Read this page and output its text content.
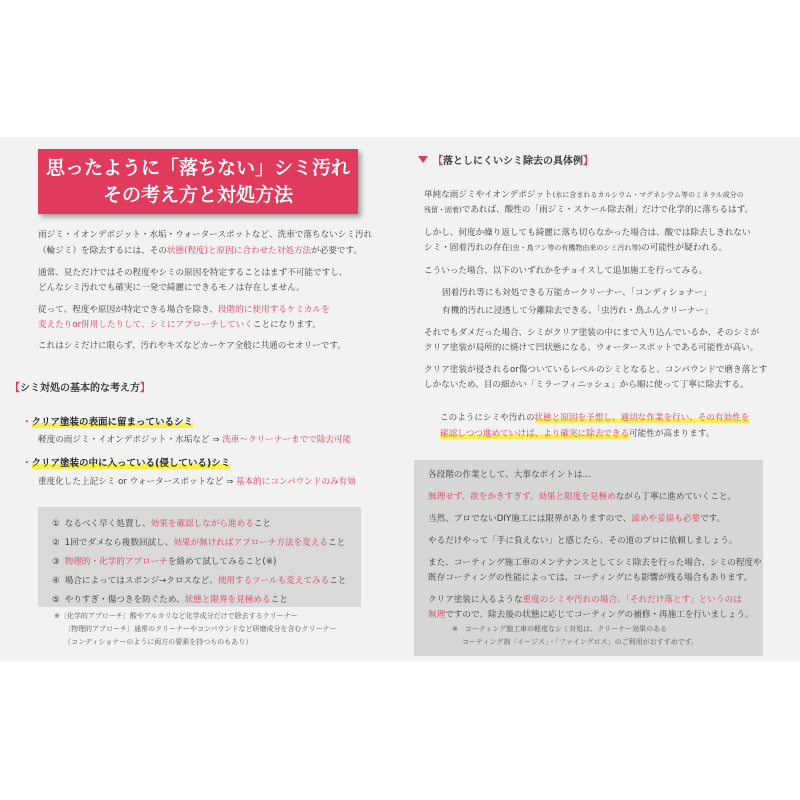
思ったように「落ちない」シミ汚れ
その考え方と対処方法
雨ジミ・イオンデポジット・水垢・ウォータースポットなど、洗車で落ちないシミ汚れ
（輪ジミ）を除去するには、その状態(程度)と原因に合わせた対処方法が必要です。
通常、見ただけではその程度やシミの原因を特定することはまず不可能ですし、
どんなシミ汚れでも確実に一発で綺麗にできるモノは存在しません。
従って、程度や原因が特定できる場合を除き、段階的に使用するケミカルを
変えたりor併用したりして、シミにアプローチしていくことになります。
これはシミだけに限らず、汚れやキズなどカーケア全般に共通のセオリーです。
【シミ対処の基本的な考え方】
・クリア塗装の表面に留まっているシミ
軽度の雨ジミ・イオンデポジット・水垢など ⇒ 洗車～クリーナーまでで除去可能
・クリア塗装の中に入っている(侵している)シミ
重度化した上記シミ or ウォータースポットなど ⇒ 基本的にコンパウンドのみ有効
① なるべく早く処置し、効果を確認しながら進めること
② 1回でダメなら複数回試し、効果が無ければアプローチ方法を変えること
③ 物理的・化学的アプローチを絡めて試してみること(※)
④ 場合によってはスポンジ→クロスなど、使用するツールも変えてみること
⑤ やりすぎ・傷つきを防ぐため、状態と限界を見極めること
※〔化学的アプローチ〕酸やアルカリなど化学成分だけで除去するクリーナー
〔物理的アプローチ〕通常のクリーナーやコンパウンドなど研磨成分を含むクリーナー
（コンディショナーのように両方の要素を持つものもあり）
【落としにくいシミ除去の具体例】
単純な雨ジミやイオンデポジット(水に含まれるカルシウム・マグネシウム等のミネラル成分の
残留・固着)であれば、酸性の「雨ジミ・スケール除去剤」だけで化学的に落ちるはず。
しかし、何度か繰り返しても綺麗に落ち切らなかった場合は、酸では除去しきれない
シミ・固着汚れの存在(虫・鳥フン等の有機物由来のシミ汚れ等)の可能性が疑われる。
こういった場合、以下のいずれかをチョイスして追加施工を行ってみる。
固着汚れ等にも対処できる万能カークリーナー、「コンディショナー」
有機的汚れに浸透して分離除去できる、「虫汚れ・鳥ふんクリーナー」
それでもダメだった場合、シミがクリア塗装の中にまで入り込んでいるか、そのシミが
クリア塗装が局所的に焼けて凹状態になる、ウォータースポットである可能性が高い。
クリア塗装が侵されるor傷ついているレベルのシミとなると、コンパウンドで磨き落とす
しかないため、目の細かい「ミラーフィニッシュ」から順に使って丁寧に除去する。
このようにシミや汚れの状態と原因を予想し、適切な作業を行い、その有効性を
確認しつつ進めていけば、より確実に除去できる可能性が高まります。
各段階の作業として、大事なポイントは…
無理せず、欲をかきすぎず、効果と限度を見極めながら丁寧に進めていくこと。
当然、プロでないDIY施工には限界がありますので、諦めや妥協も必要です。
やるだけやって「手に負えない」と感じたら、その道のプロに依頼しましょう。
また、コーティング施工車のメンテナンスとしてシミ除去を行った場合、シミの程度や
既存コーティングの性能によっては、コーティングにも影響が残る場合もあります。
クリア塗装に入るような重度のシミや汚れの場合、「それだけ落とす」というのは
無理ですので、除去後の状態に応じてコーティングの補修・再施工を行いましょう。
※　コーティング施工車の軽度なシミ対処は、クリーナー効果のある
コーティング剤「イージス」・「ファイングロス」のご利用がおすすめです。
